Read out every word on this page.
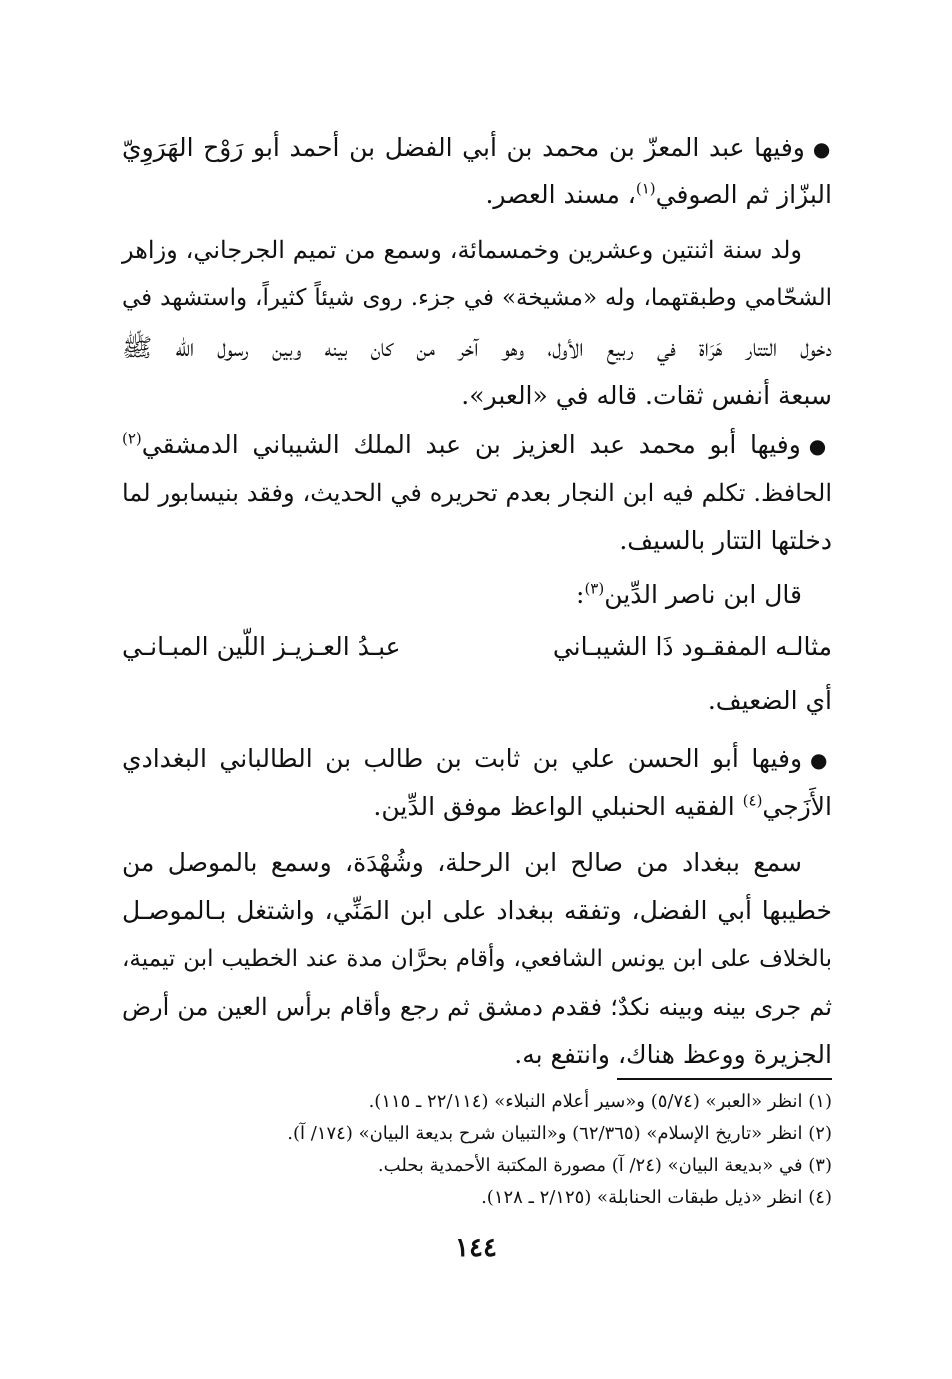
●وفيها عبد المعزّ بن محمد بن أبي الفضل بن أحمد أبو رَوْح الهَرَوِيّ
البزّاز ثم الصوفي$^{(١)}$، مسند العصر.
ولد سنة اثنتين وعشرين وخمسمائة، وسمع من تميم الجرجاني، وزاهر
الشحّامي وطبقتهما، وله «مشيخة» في جزء. روى شيئاً كثيراً، واستشهد في
دخول التتار هَرَاة في ربيع الأول، وهو آخر من كان بينه وبين رسول الله ﷺ
سبعة أنفس ثقات. قاله في «العبر».
●وفيها أبو محمد عبد العزيز بن عبد الملك الشيباني الدمشقي$^{(٢)}$
الحافظ. تكلم فيه ابن النجار بعدم تحريره في الحديث، وفقد بنيسابور لما
دخلتها التتار بالسيف.
قال ابن ناصر الدِّين$^{(٣)}$:
مثالـه المفقـود ذَا الشيبـاني
عبـدُ العـزيـز اللّين المبـانـي
أي الضعيف.
●وفيها أبو الحسن علي بن ثابت بن طالب بن الطالباني البغدادي
الأَزَجي$^{(٤)}$ الفقيه الحنبلي الواعظ موفق الدِّين.
سمع ببغداد من صالح ابن الرحلة، وشُهْدَة، وسمع بالموصل من
خطيبها أبي الفضل، وتفقه ببغداد على ابن المَنِّي، واشتغل بـالموصـل
بالخلاف على ابن يونس الشافعي، وأقام بحرَّان مدة عند الخطيب ابن تيمية،
ثم جرى بينه وبينه نكدٌ؛ فقدم دمشق ثم رجع وأقام برأس العين من أرض
الجزيرة ووعظ هناك، وانتفع به.
(١) انظر «العبر» (٥/٧٤) و«سير أعلام النبلاء» (٢٢/١١٤ ـ ١١٥).
(٢) انظر «تاريخ الإسلام» (٦٢/٣٦٥) و«التبيان شرح بديعة البيان» (١٧٤/ آ).
(٣) في «بديعة البيان» (٢٤/ آ) مصورة المكتبة الأحمدية بحلب.
(٤) انظر «ذيل طبقات الحنابلة» (٢/١٢٥ ـ ١٢٨).
١٤٤
